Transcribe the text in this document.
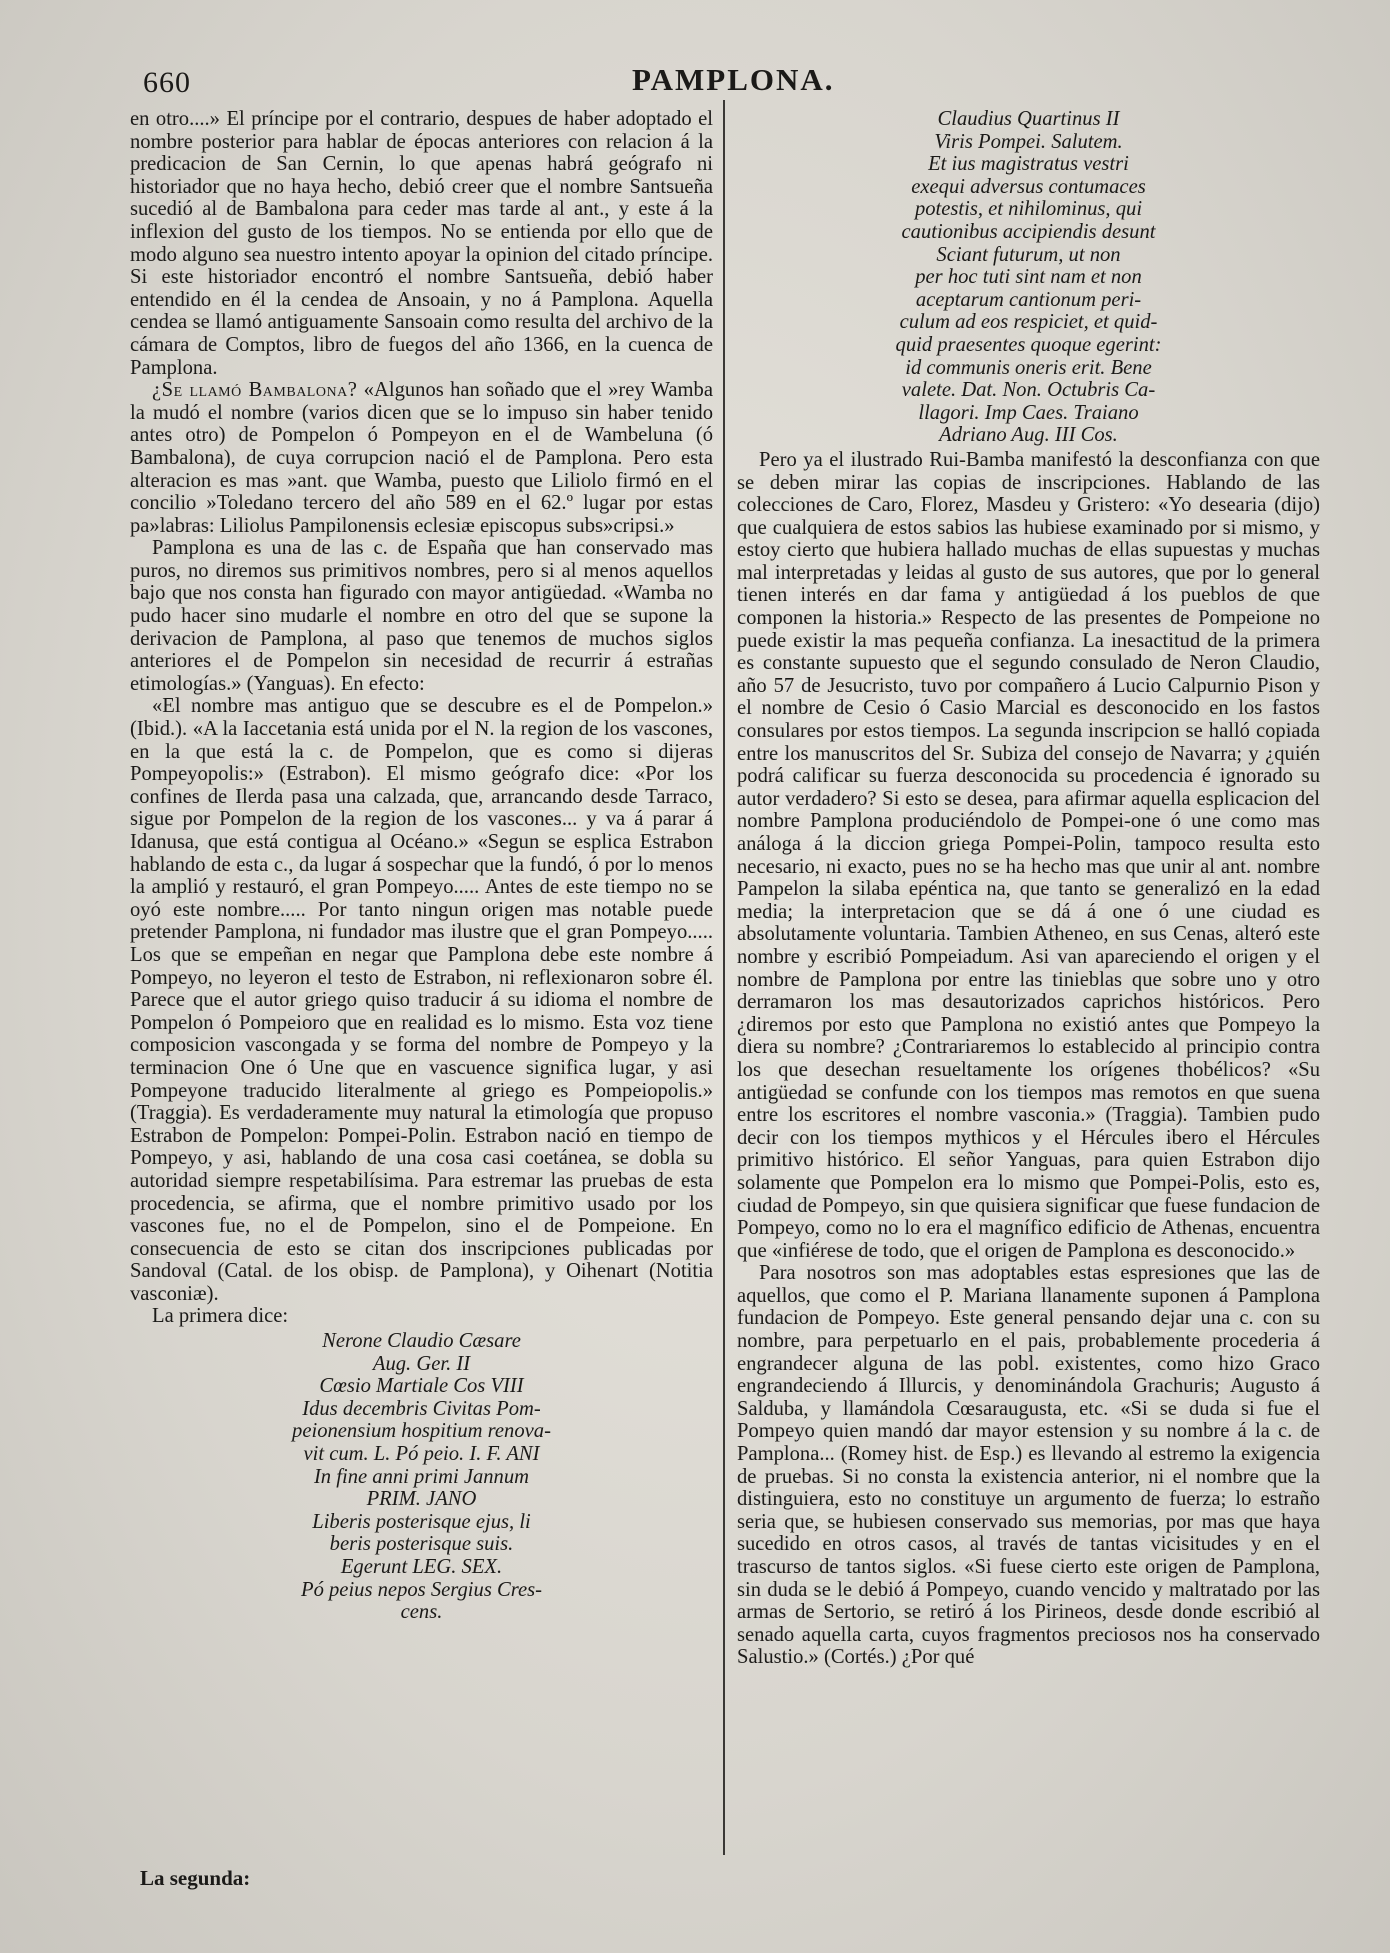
660	PAMPLONA.

en otro....» El príncipe por el contrario, despues de haber adoptado el nombre posterior para hablar de épocas anteriores con relacion á la predicacion de San Cernin, lo que apenas habrá geógrafo ni historiador que no haya hecho, debió creer que el nombre Santsueña sucedió al de Bambalona para ceder mas tarde al ant., y este á la inflexion del gusto de los tiempos. No se entienda por ello que de modo alguno sea nuestro intento apoyar la opinion del citado príncipe. Si este historiador encontró el nombre Santsueña, debió haber entendido en él la cendea de Ansoain, y no á Pamplona. Aquella cendea se llamó antiguamente Sansoain como resulta del archivo de la cámara de Comptos, libro de fuegos del año 1366, en la cuenca de Pamplona.

¿Se llamó Bambalona? «Algunos han soñado que el »rey Wamba la mudó el nombre (varios dicen que se lo impuso sin haber tenido antes otro) de Pompelon ó Pompeyon en el de Wambeluna (ó Bambalona), de cuya corrupcion nació el de Pamplona. Pero esta alteracion es mas »ant. que Wamba, puesto que Liliolo firmó en el concilio »Toledano tercero del año 589 en el 62.º lugar por estas pa»labras: Liliolus Pampilonensis eclesiæ episcopus subs»cripsi.»

Pamplona es una de las c. de España que han conservado mas puros, no diremos sus primitivos nombres, pero si al menos aquellos bajo que nos consta han figurado con mayor antigüedad. «Wamba no pudo hacer sino mudarle el nombre en otro del que se supone la derivacion de Pamplona, al paso que tenemos de muchos siglos anteriores el de Pompelon sin necesidad de recurrir á estrañas etimologías.» (Yanguas). En efecto:

«El nombre mas antiguo que se descubre es el de Pompelon.» (Ibid.). «A la Iaccetania está unida por el N. la region de los vascones, en la que está la c. de Pompelon, que es como si dijeras Pompeyopolis:» (Estrabon). El mismo geógrafo dice: «Por los confines de Ilerda pasa una calzada, que, arrancando desde Tarraco, sigue por Pompelon de la region de los vascones... y va á parar á Idanusa, que está contigua al Océano.» «Segun se esplica Estrabon hablando de esta c., da lugar á sospechar que la fundó, ó por lo menos la amplió y restauró, el gran Pompeyo..... Antes de este tiempo no se oyó este nombre..... Por tanto ningun origen mas notable puede pretender Pamplona, ni fundador mas ilustre que el gran Pompeyo..... Los que se empeñan en negar que Pamplona debe este nombre á Pompeyo, no leyeron el testo de Estrabon, ni reflexionaron sobre él. Parece que el autor griego quiso traducir á su idioma el nombre de Pompelon ó Pompeioro que en realidad es lo mismo. Esta voz tiene composicion vascongada y se forma del nombre de Pompeyo y la terminacion One ó Une que en vascuence significa lugar, y asi Pompeyone traducido literalmente al griego es Pompeiopolis.» (Traggia). Es verdaderamente muy natural la etimología que propuso Estrabon de Pompelon: Pompei-Polin. Estrabon nació en tiempo de Pompeyo, y asi, hablando de una cosa casi coetánea, se dobla su autoridad siempre respetabilísima. Para estremar las pruebas de esta procedencia, se afirma, que el nombre primitivo usado por los vascones fue, no el de Pompelon, sino el de Pompeione. En consecuencia de esto se citan dos inscripciones publicadas por Sandoval (Catal. de los obisp. de Pamplona), y Oihenart (Notitia vasconiæ).

La primera dice:

Nerone Claudio Cæsare
Aug. Ger. II
Cœsio Martiale Cos VIII
Idus decembris Civitas Pom-
peionensium hospitium renova-
vit cum. L. Pó peio. I. F. ANI
In fine anni primi Jannum
PRIM. JANO
Liberis posterisque ejus, li
beris posterisque suis.
Egerunt LEG. SEX.
Pó peius nepos Sergius Cres-
cens.
La segunda:
Claudius Quartinus II
Viris Pompei. Salutem.
Et ius magistratus vestri
exequi adversus contumaces
potestis, et nihilominus, qui
cautionibus accipiendis desunt
Sciant futurum, ut non
per hoc tuti sint nam et non
aceptarum cantionum peri-
culum ad eos respiciet, et quid-
quid praesentes quoque egerint:
id communis oneris erit. Bene
valete. Dat. Non. Octubris Ca-
llagori. Imp Caes. Traiano
Adriano Aug. III Cos.

Pero ya el ilustrado Rui-Bamba manifestó la desconfianza con que se deben mirar las copias de inscripciones. Hablando de las colecciones de Caro, Florez, Masdeu y Gristero: «Yo desearia (dijo) que cualquiera de estos sabios las hubiese examinado por si mismo, y estoy cierto que hubiera hallado muchas de ellas supuestas y muchas mal interpretadas y leidas al gusto de sus autores, que por lo general tienen interés en dar fama y antigüedad á los pueblos de que componen la historia.» Respecto de las presentes de Pompeione no puede existir la mas pequeña confianza. La inesactitud de la primera es constante supuesto que el segundo consulado de Neron Claudio, año 57 de Jesucristo, tuvo por compañero á Lucio Calpurnio Pison y el nombre de Cesio ó Casio Marcial es desconocido en los fastos consulares por estos tiempos. La segunda inscripcion se halló copiada entre los manuscritos del Sr. Subiza del consejo de Navarra; y ¿quién podrá calificar su fuerza desconocida su procedencia é ignorado su autor verdadero? Si esto se desea, para afirmar aquella esplicacion del nombre Pamplona produciéndolo de Pompei-one ó une como mas análoga á la diccion griega Pompei-Polin, tampoco resulta esto necesario, ni exacto, pues no se ha hecho mas que unir al ant. nombre Pampelon la silaba epéntica na, que tanto se generalizó en la edad media; la interpretacion que se dá á one ó une ciudad es absolutamente voluntaria. Tambien Atheneo, en sus Cenas, alteró este nombre y escribió Pompeiadum. Asi van apareciendo el origen y el nombre de Pamplona por entre las tinieblas que sobre uno y otro derramaron los mas desautorizados caprichos históricos. Pero ¿diremos por esto que Pamplona no existió antes que Pompeyo la diera su nombre? ¿Contrariaremos lo establecido al principio contra los que desechan resueltamente los orígenes thobélicos? «Su antigüedad se confunde con los tiempos mas remotos en que suena entre los escritores el nombre vasconia.» (Traggia). Tambien pudo decir con los tiempos mythicos y el Hércules ibero el Hércules primitivo histórico. El señor Yanguas, para quien Estrabon dijo solamente que Pompelon era lo mismo que Pompei-Polis, esto es, ciudad de Pompeyo, sin que quisiera significar que fuese fundacion de Pompeyo, como no lo era el magnífico edificio de Athenas, encuentra que «infiérese de todo, que el origen de Pamplona es desconocido.»

Para nosotros son mas adoptables estas espresiones que las de aquellos, que como el P. Mariana llanamente suponen á Pamplona fundacion de Pompeyo. Este general pensando dejar una c. con su nombre, para perpetuarlo en el pais, probablemente procederia á engrandecer alguna de las pobl. existentes, como hizo Graco engrandeciendo á Illurcis, y denominándola Grachuris; Augusto á Salduba, y llamándola Cœsaraugusta, etc. «Si se duda si fue el Pompeyo quien mandó dar mayor estension y su nombre á la c. de Pamplona... (Romey hist. de Esp.) es llevando al estremo la exigencia de pruebas. Si no consta la existencia anterior, ni el nombre que la distinguiera, esto no constituye un argumento de fuerza; lo estraño seria que, se hubiesen conservado sus memorias, por mas que haya sucedido en otros casos, al través de tantas vicisitudes y en el trascurso de tantos siglos. «Si fuese cierto este origen de Pamplona, sin duda se le debió á Pompeyo, cuando vencido y maltratado por las armas de Sertorio, se retiró á los Pirineos, desde donde escribió al senado aquella carta, cuyos fragmentos preciosos nos ha conservado Salustio.» (Cortés.) ¿Por qué
